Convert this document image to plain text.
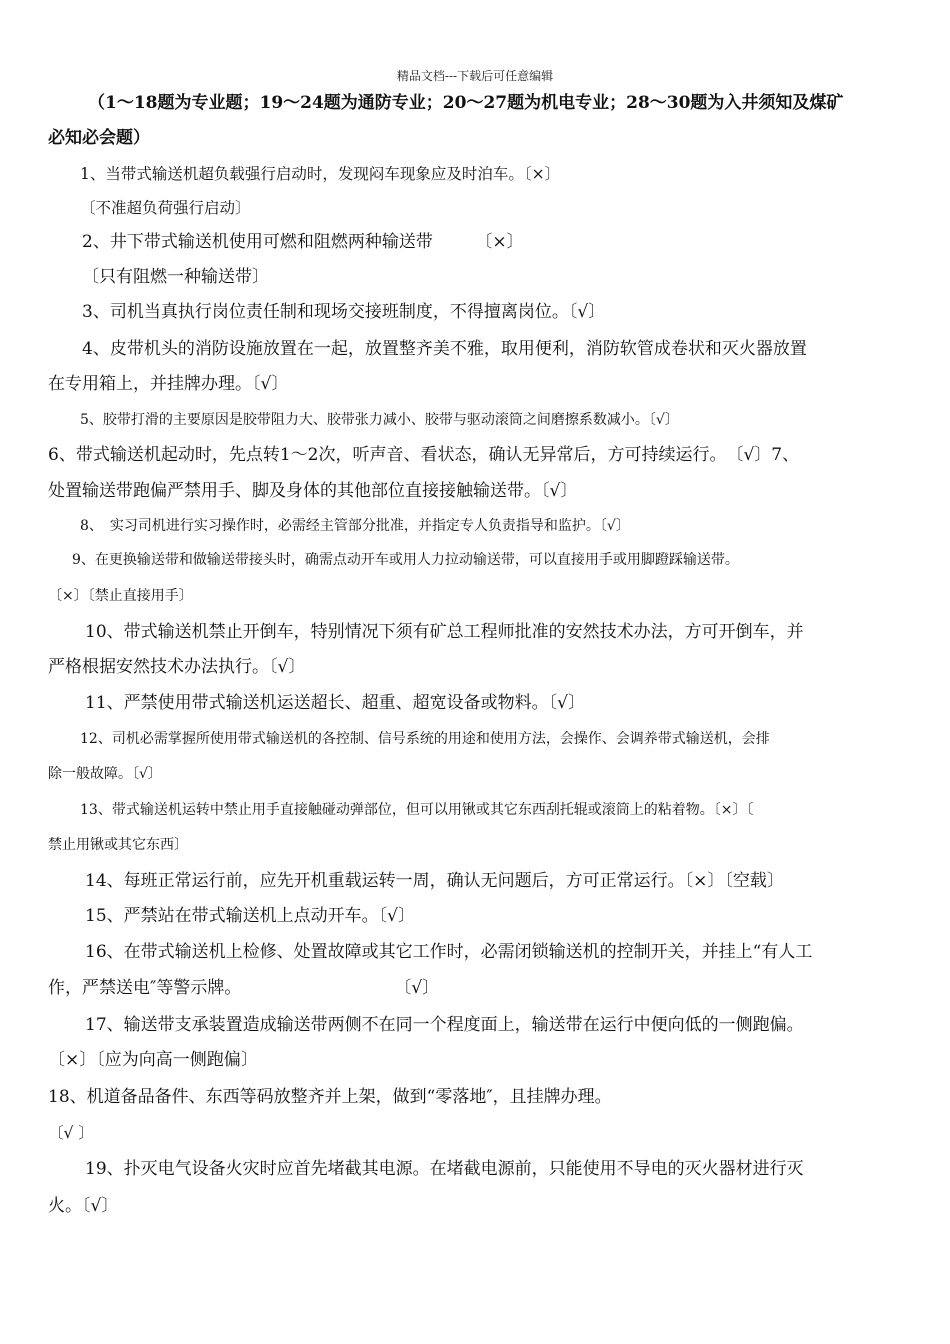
精品文档---下载后可任意编辑
（1～18题为专业题；19～24题为通防专业；20～27题为机电专业；28～30题为入井须知及煤矿
必知必会题）
1、当带式输送机超负载强行启动时，发现闷车现象应及时泊车。〔×〕
〔不准超负荷强行启动〕
2、井下带式输送机使用可燃和阻燃两种输送带　　　〔×〕
〔只有阻燃一种输送带〕
3、司机当真执行岗位责任制和现场交接班制度，不得擅离岗位。〔√〕
4、皮带机头的消防设施放置在一起，放置整齐美不雅，取用便利，消防软管成卷状和灭火器放置
在专用箱上，并挂牌办理。〔√〕
5、胶带打滑的主要原因是胶带阻力大、胶带张力减小、胶带与驱动滚筒之间磨擦系数减小。〔√〕
6、带式输送机起动时，先点转1～2次，听声音、看状态，确认无异常后，方可持续运行。　〔√〕7、
处置输送带跑偏严禁用手、脚及身体的其他部位直接接触输送带。〔√〕
8、　实习司机进行实习操作时，必需经主管部分批准，并指定专人负责指导和监护。〔√〕
9、在更换输送带和做输送带接头时，确需点动开车或用人力拉动输送带，可以直接用手或用脚蹬踩输送带。
〔×〕〔禁止直接用手〕
10、带式输送机禁止开倒车，特别情况下须有矿总工程师批准的安然技术办法，方可开倒车，并
严格根据安然技术办法执行。〔√〕
11、严禁使用带式输送机运送超长、超重、超宽设备或物料。〔√〕
12、司机必需掌握所使用带式输送机的各控制、信号系统的用途和使用方法，会操作、会调养带式输送机，会排
除一般故障。〔√〕
13、带式输送机运转中禁止用手直接触碰动弹部位，但可以用锹或其它东西刮托辊或滚筒上的粘着物。〔×〕〔
禁止用锹或其它东西〕
14、每班正常运行前，应先开机重载运转一周，确认无问题后，方可正常运行。〔×〕〔空载〕
15、严禁站在带式输送机上点动开车。〔√〕
16、在带式输送机上检修、处置故障或其它工作时，必需闭锁输送机的控制开关，并挂上“有人工
作，严禁送电″等警示牌。　　　　　　　　　　〔√〕
17、输送带支承装置造成输送带两侧不在同一个程度面上，输送带在运行中便向低的一侧跑偏。
〔×〕〔应为向高一侧跑偏〕
18、机道备品备件、东西等码放整齐并上架，做到“零落地″，且挂牌办理。
〔√ 〕
19、扑灭电气设备火灾时应首先堵截其电源。在堵截电源前，只能使用不导电的灭火器材进行灭
火。〔√〕
